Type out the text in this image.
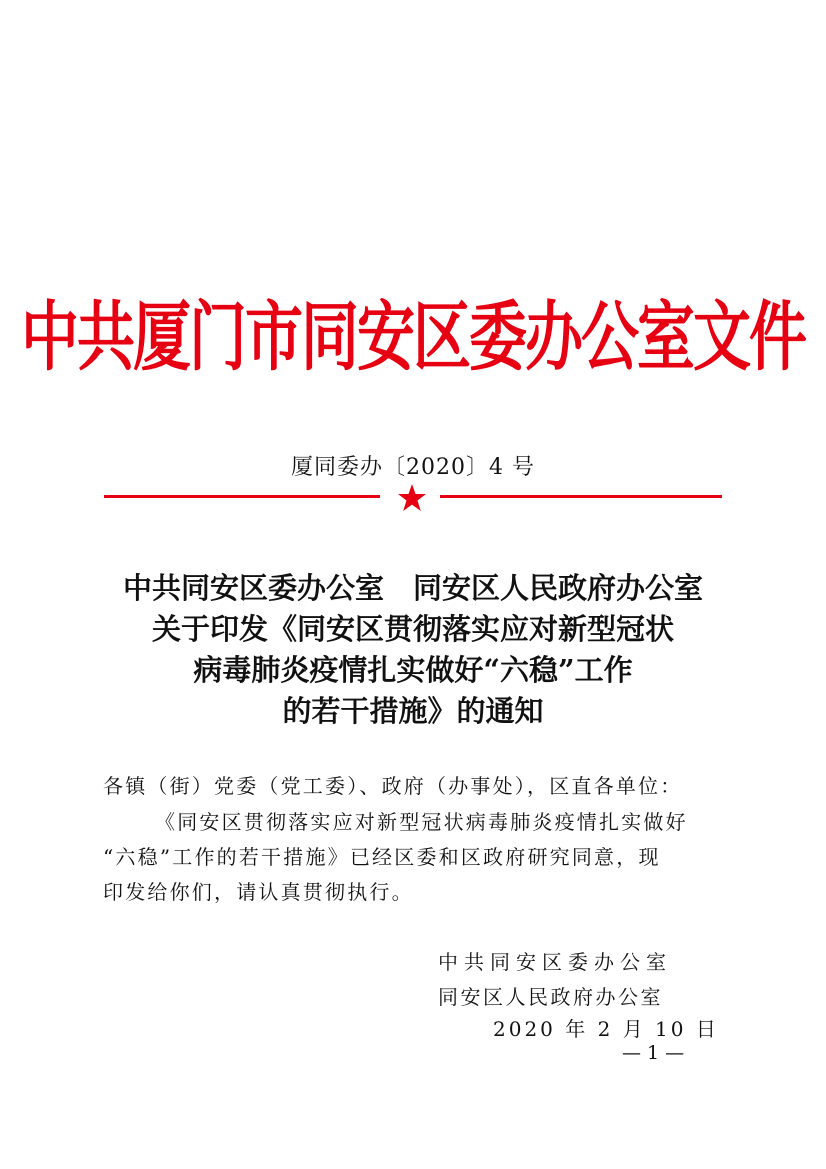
中共厦门市同安区委办公室文件
厦同委办〔2020〕4 号
中共同安区委办公室　同安区人民政府办公室
关于印发《同安区贯彻落实应对新型冠状
病毒肺炎疫情扎实做好“六稳”工作
的若干措施》的通知
各镇（街）党委（党工委）、政府（办事处），区直各单位：
《同安区贯彻落实应对新型冠状病毒肺炎疫情扎实做好
“六稳”工作的若干措施》已经区委和区政府研究同意，现
印发给你们，请认真贯彻执行。
中共同安区委办公室
同安区人民政府办公室
2020 年 2 月 10 日
— 1 —
